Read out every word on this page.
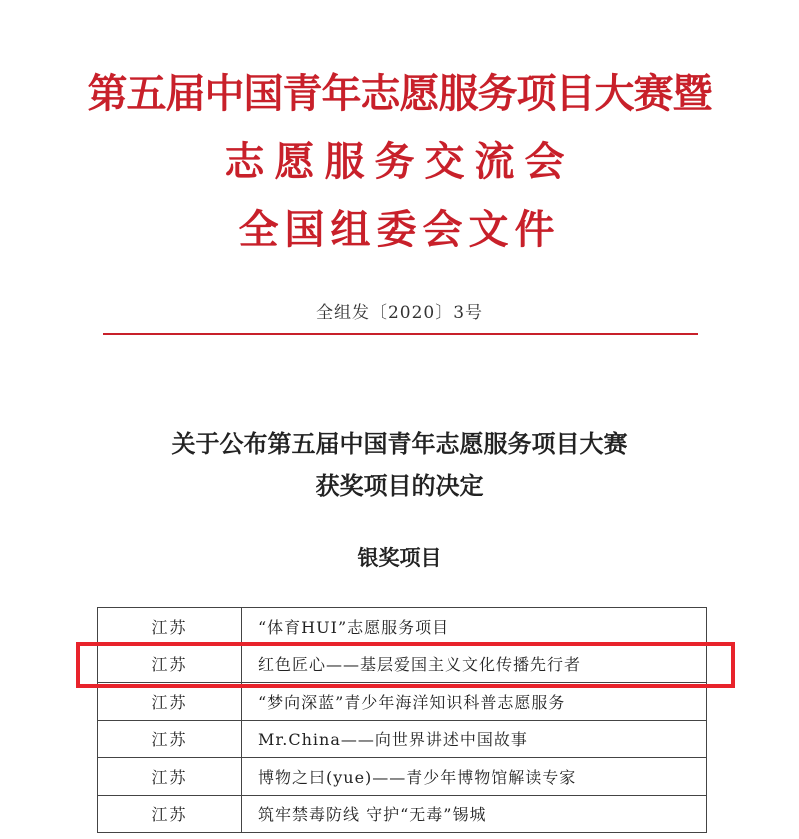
第五届中国青年志愿服务项目大赛暨
志愿服务交流会
全国组委会文件
全组发〔2020〕3号
关于公布第五届中国青年志愿服务项目大赛
获奖项目的决定
银奖项目
江苏	“体育HUI”志愿服务项目
江苏	红色匠心——基层爱国主义文化传播先行者
江苏	“梦向深蓝”青少年海洋知识科普志愿服务
江苏	Mr.China——向世界讲述中国故事
江苏	博物之曰(yue)——青少年博物馆解读专家
江苏	筑牢禁毒防线 守护“无毒”锡城
